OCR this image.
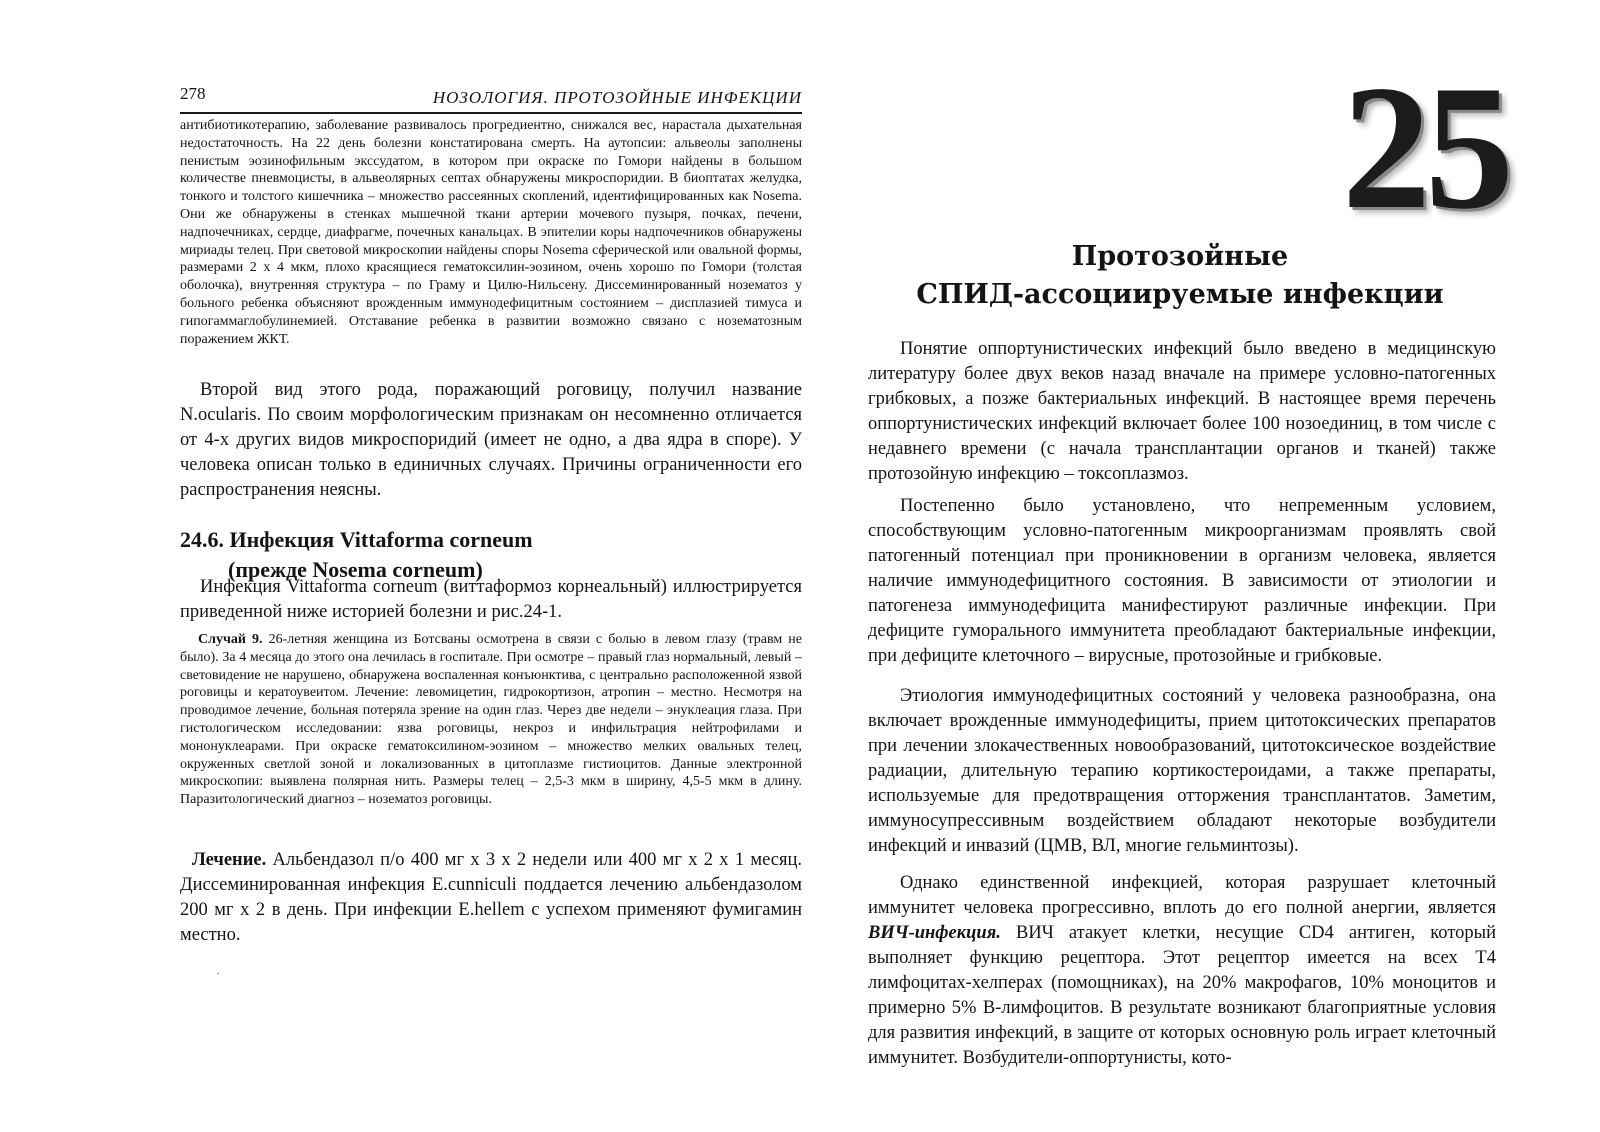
278	НОЗОЛОГИЯ. ПРОТОЗОЙНЫЕ ИНФЕКЦИИ

антибиотикотерапию, заболевание развивалось прогредиентно, снижался вес, нарастала дыхательная недостаточность. На 22 день болезни констатирована смерть. На аутопсии: альвеолы заполнены пенистым эозинофильным экссудатом, в котором при окраске по Гомори найдены в большом количестве пневмоцисты, в альвеолярных септах обнаружены микроспоридии. В биоптатах желудка, тонкого и толстого кишечника – множество рассеянных скоплений, идентифицированных как Nosema. Они же обнаружены в стенках мышечной ткани артерии мочевого пузыря, почках, печени, надпочечниках, сердце, диафрагме, почечных канальцах. В эпителии коры надпочечников обнаружены мириады телец. При световой микроскопии найдены споры Nosema сферической или овальной формы, размерами 2 х 4 мкм, плохо красящиеся гематоксилин-эозином, очень хорошо по Гомори (толстая оболочка), внутренняя структура – по Граму и Цилю-Нильсену. Диссеминированный нозематоз у больного ребенка объясняют врожденным иммунодефицитным состоянием – дисплазией тимуса и гипогаммаглобулинемией. Отставание ребенка в развитии возможно связано с нозематозным поражением ЖКТ.

Второй вид этого рода, поражающий роговицу, получил название N.ocularis. По своим морфологическим признакам он несомненно отличается от 4-х других видов микроспоридий (имеет не одно, а два ядра в споре). У человека описан только в единичных случаях. Причины ограниченности его распространения неясны.

24.6. Инфекция Vittaforma corneum
(прежде Nosema corneum)

Инфекция Vittaforma corneum (виттаформоз корнеальный) иллюстрируется приведенной ниже историей болезни и рис.24-1.

Случай 9. 26-летняя женщина из Ботсваны осмотрена в связи с болью в левом глазу (травм не было). За 4 месяца до этого она лечилась в госпитале. При осмотре – правый глаз нормальный, левый – световидение не нарушено, обнаружена воспаленная конъюнктива, с центрально расположенной язвой роговицы и кератоувеитом. Лечение: левомицетин, гидрокортизон, атропин – местно. Несмотря на проводимое лечение, больная потеряла зрение на один глаз. Через две недели – энуклеация глаза. При гистологическом исследовании: язва роговицы, некроз и инфильтрация нейтрофилами и мононуклеарами. При окраске гематоксилином-эозином – множество мелких овальных телец, окруженных светлой зоной и локализованных в цитоплазме гистиоцитов. Данные электронной микроскопии: выявлена полярная нить. Размеры телец – 2,5-3 мкм в ширину, 4,5-5 мкм в длину. Паразитологический диагноз – нозематоз роговицы.

Лечение. Альбендазол п/о 400 мг х 3 х 2 недели или 400 мг х 2 х 1 месяц. Диссеминированная инфекция E.cunniculi поддается лечению альбендазолом 200 мг х 2 в день. При инфекции E.hellem с успехом применяют фумигамин местно.

·
25
Протозойные
СПИД-ассоциируемые инфекции

Понятие оппортунистических инфекций было введено в медицинскую литературу более двух веков назад вначале на примере условно-патогенных грибковых, а позже бактериальных инфекций. В настоящее время перечень оппортунистических инфекций включает более 100 нозоединиц, в том числе с недавнего времени (с начала трансплантации органов и тканей) также протозойную инфекцию – токсоплазмоз.

Постепенно было установлено, что непременным условием, способствующим условно-патогенным микроорганизмам проявлять свой патогенный потенциал при проникновении в организм человека, является наличие иммунодефицитного состояния. В зависимости от этиологии и патогенеза иммунодефицита манифестируют различные инфекции. При дефиците гуморального иммунитета преобладают бактериальные инфекции, при дефиците клеточного – вирусные, протозойные и грибковые.

Этиология иммунодефицитных состояний у человека разнообразна, она включает врожденные иммунодефициты, прием цитотоксических препаратов при лечении злокачественных новообразований, цитотоксическое воздействие радиации, длительную терапию кортикостероидами, а также препараты, используемые для предотвращения отторжения трансплантатов. Заметим, иммуносупрессивным воздействием обладают некоторые возбудители инфекций и инвазий (ЦМВ, ВЛ, многие гельминтозы).

Однако единственной инфекцией, которая разрушает клеточный иммунитет человека прогрессивно, вплоть до его полной анергии, является ВИЧ-инфекция. ВИЧ атакует клетки, несущие CD4 антиген, который выполняет функцию рецептора. Этот рецептор имеется на всех Т4 лимфоцитах-хелперах (помощниках), на 20% макрофагов, 10% моноцитов и примерно 5% В-лимфоцитов. В результате возникают благоприятные условия для развития инфекций, в защите от которых основную роль играет клеточный иммунитет. Возбудители-оппортунисты, кото-
